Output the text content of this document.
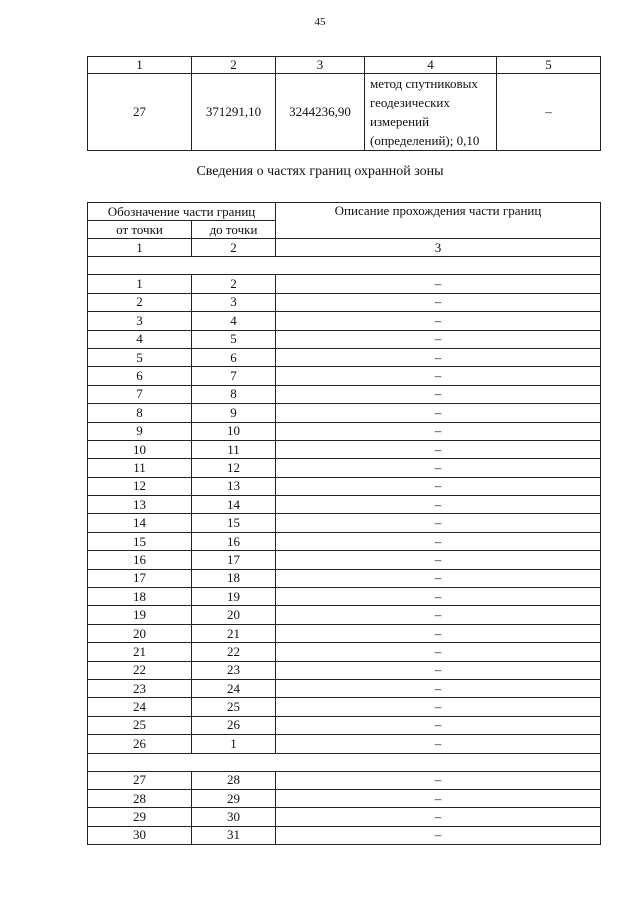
45
1	2	3	4	5
27	371291,10	3244236,90	метод спутниковых
геодезических
измерений
(определений); 0,10	–
Сведения о частях границ охранной зоны
Обозначение части границ		Описание прохождения части границ
от точки	до точки	
1	2	3

1	2	–
2	3	–
3	4	–
4	5	–
5	6	–
6	7	–
7	8	–
8	9	–
9	10	–
10	11	–
11	12	–
12	13	–
13	14	–
14	15	–
15	16	–
16	17	–
17	18	–
18	19	–
19	20	–
20	21	–
21	22	–
22	23	–
23	24	–
24	25	–
25	26	–
26	1	–

27	28	–
28	29	–
29	30	–
30	31	–
